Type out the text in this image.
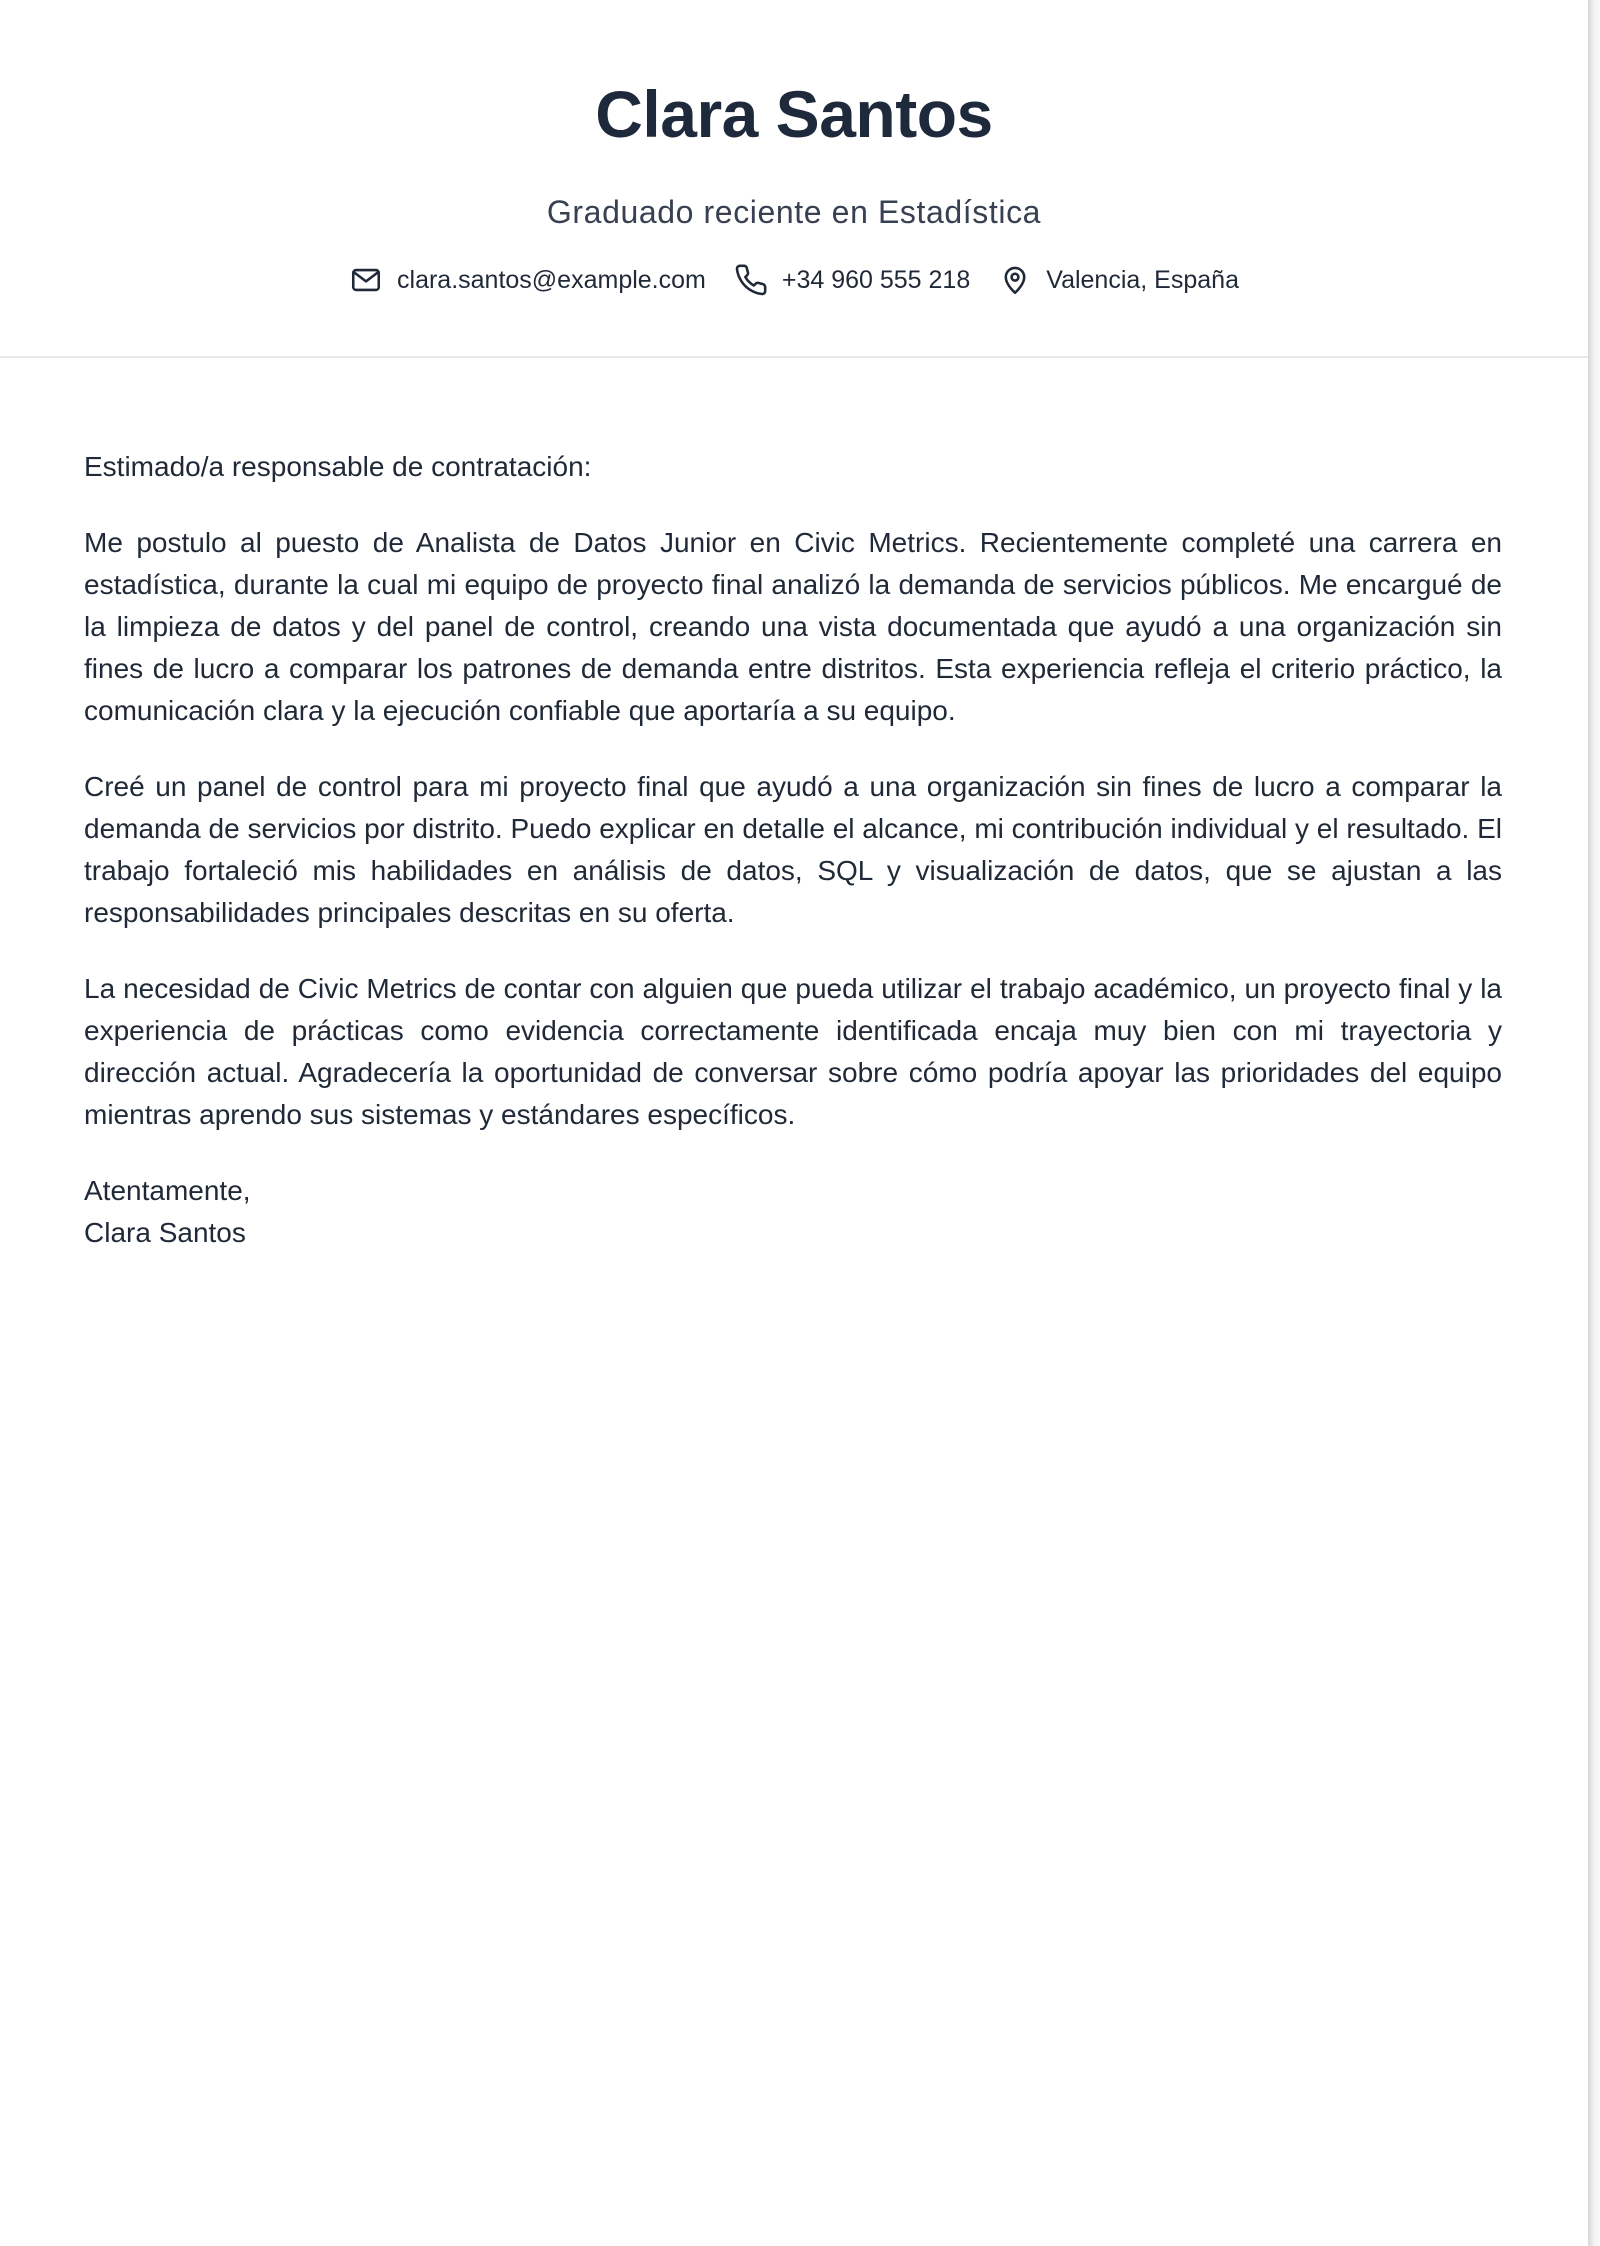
Clara Santos
Graduado reciente en Estadística
clara.santos@example.com	+34 960 555 218	Valencia, España
Estimado/a responsable de contratación:

Me postulo al puesto de Analista de Datos Junior en Civic Metrics. Recientemente completé una carrera en estadística, durante la cual mi equipo de proyecto final analizó la demanda de servicios públicos. Me encargué de la limpieza de datos y del panel de control, creando una vista documentada que ayudó a una organización sin fines de lucro a comparar los patrones de demanda entre distritos. Esta experiencia refleja el criterio práctico, la comunicación clara y la ejecución confiable que aportaría a su equipo.

Creé un panel de control para mi proyecto final que ayudó a una organización sin fines de lucro a comparar la demanda de servicios por distrito. Puedo explicar en detalle el alcance, mi contribución individual y el resultado. El trabajo fortaleció mis habilidades en análisis de datos, SQL y visualización de datos, que se ajustan a las responsabilidades principales descritas en su oferta.

La necesidad de Civic Metrics de contar con alguien que pueda utilizar el trabajo académico, un proyecto final y la experiencia de prácticas como evidencia correctamente identificada encaja muy bien con mi trayectoria y dirección actual. Agradecería la oportunidad de conversar sobre cómo podría apoyar las prioridades del equipo mientras aprendo sus sistemas y estándares específicos.

Atentamente,
Clara Santos
